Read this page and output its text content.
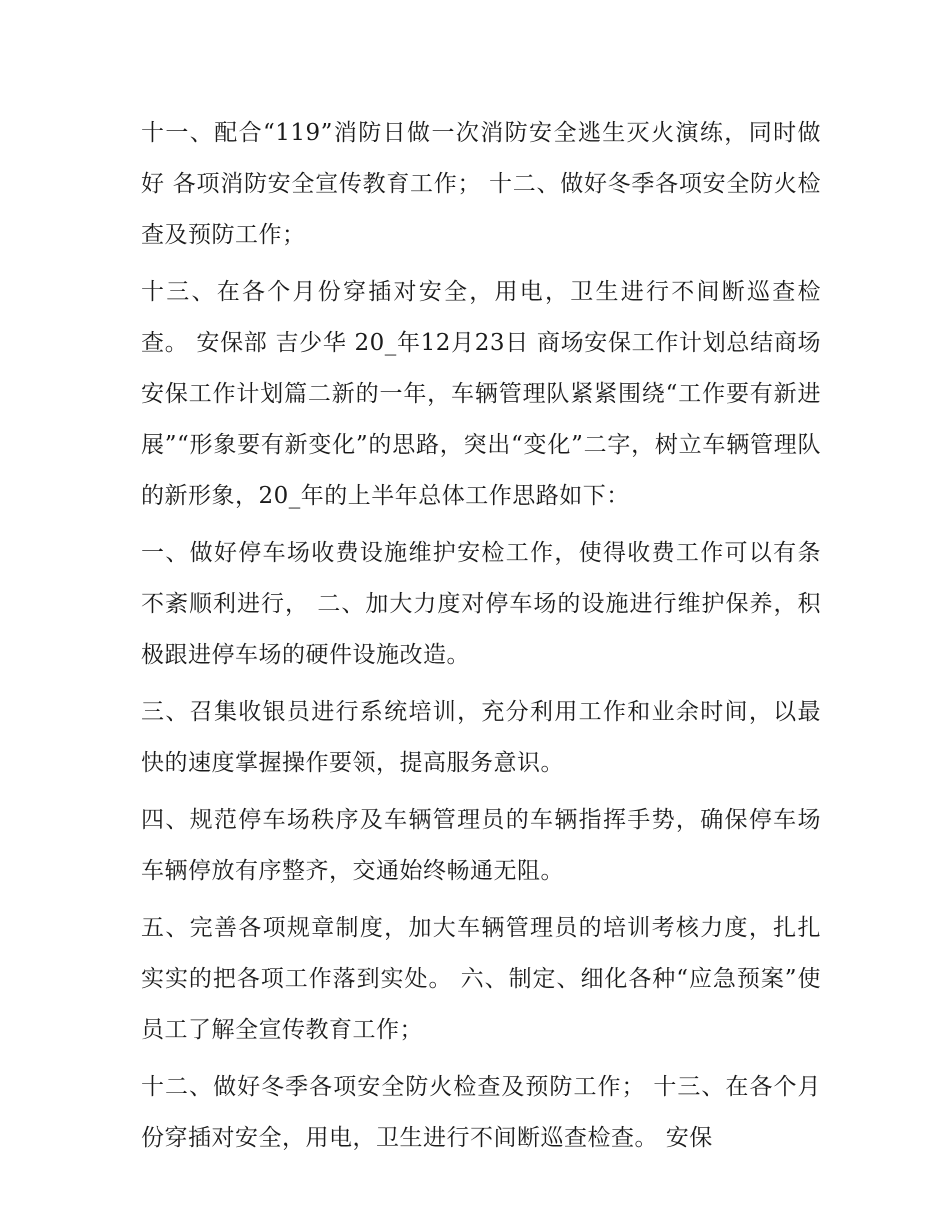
十一、配合“119”消防日做一次消防安全逃生灭火演练，同时做好 各项消防安全宣传教育工作； 十二、做好冬季各项安全防火检查及预防工作；

十三、在各个月份穿插对安全，用电，卫生进行不间断巡查检查。 安保部 吉少华 20_年12月23日 商场安保工作计划总结商场安保工作计划篇二新的一年，车辆管理队紧紧围绕“工作要有新进展”“形象要有新变化”的思路，突出“变化”二字，树立车辆管理队的新形象，20_年的上半年总体工作思路如下：

一、做好停车场收费设施维护安检工作，使得收费工作可以有条不紊顺利进行， 二、加大力度对停车场的设施进行维护保养，积极跟进停车场的硬件设施改造。

三、召集收银员进行系统培训，充分利用工作和业余时间，以最快的速度掌握操作要领，提高服务意识。

四、规范停车场秩序及车辆管理员的车辆指挥手势，确保停车场车辆停放有序整齐，交通始终畅通无阻。

五、完善各项规章制度，加大车辆管理员的培训考核力度，扎扎实实的把各项工作落到实处。 六、制定、细化各种“应急预案”使员工了解全宣传教育工作；

十二、做好冬季各项安全防火检查及预防工作； 十三、在各个月份穿插对安全，用电，卫生进行不间断巡查检查。 安保
